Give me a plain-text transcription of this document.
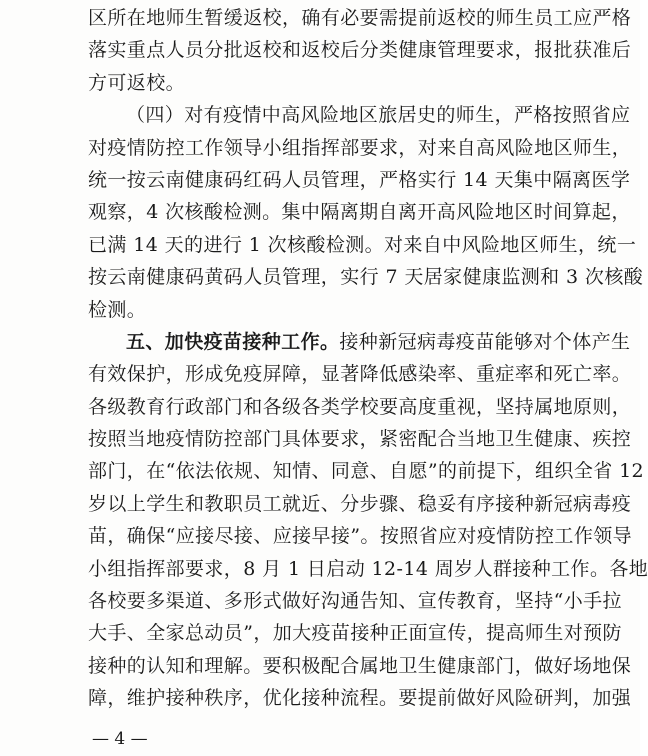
区所在地师生暂缓返校，确有必要需提前返校的师生员工应严格
落实重点人员分批返校和返校后分类健康管理要求，报批获准后
方可返校。
（四）对有疫情中高风险地区旅居史的师生，严格按照省应
对疫情防控工作领导小组指挥部要求，对来自高风险地区师生，
统一按云南健康码红码人员管理，严格实行 14 天集中隔离医学
观察，4 次核酸检测。集中隔离期自离开高风险地区时间算起，
已满 14 天的进行 1 次核酸检测。对来自中风险地区师生，统一
按云南健康码黄码人员管理，实行 7 天居家健康监测和 3 次核酸
检测。
五、加快疫苗接种工作。接种新冠病毒疫苗能够对个体产生
有效保护，形成免疫屏障，显著降低感染率、重症率和死亡率。
各级教育行政部门和各级各类学校要高度重视，坚持属地原则，
按照当地疫情防控部门具体要求，紧密配合当地卫生健康、疾控
部门，在“依法依规、知情、同意、自愿”的前提下，组织全省 12
岁以上学生和教职员工就近、分步骤、稳妥有序接种新冠病毒疫
苗，确保“应接尽接、应接早接”。按照省应对疫情防控工作领导
小组指挥部要求，8 月 1 日启动 12-14 周岁人群接种工作。各地
各校要多渠道、多形式做好沟通告知、宣传教育，坚持“小手拉
大手、全家总动员”，加大疫苗接种正面宣传，提高师生对预防
接种的认知和理解。要积极配合属地卫生健康部门，做好场地保
障，维护接种秩序，优化接种流程。要提前做好风险研判，加强
— 4 —
